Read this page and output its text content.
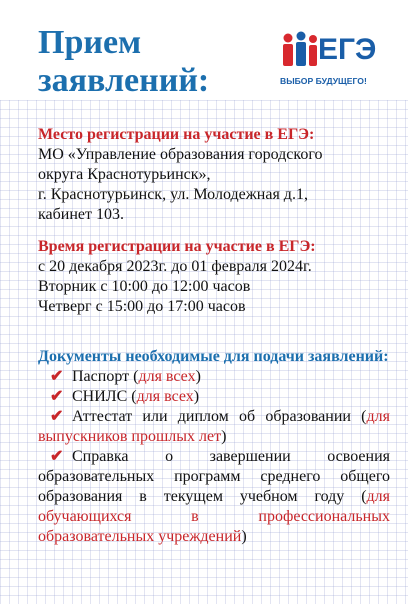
Прием
заявлений:
ЕГЭ
ВЫБОР БУДУЩЕГО!
Место регистрации на участие в ЕГЭ:
МО «Управление образования городского
округа Краснотурьинск»,
г. Краснотурьинск, ул. Молодежная д.1,
кабинет 103.
Время регистрации на участие в ЕГЭ:
с 20 декабря 2023г. до 01 февраля 2024г.
Вторник с 10:00 до 12:00 часов
Четверг с 15:00 до 17:00 часов
Документы необходимые для подачи заявлений:
✔ Паспорт (для всех)
✔ СНИЛС (для всех)
✔ Аттестат или диплом об образовании (для выпускников прошлых лет)
✔ Справка о завершении освоения образовательных программ среднего общего образования в текущем учебном году (для обучающихся в профессиональных образовательных учреждений)
